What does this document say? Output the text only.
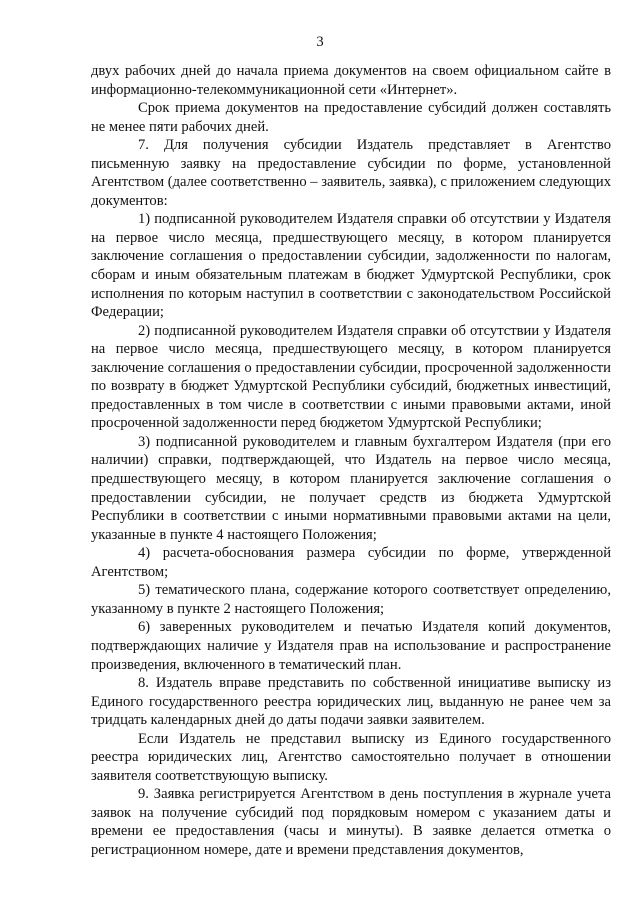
3

двух рабочих дней до начала приема документов на своем официальном сайте в информационно-телекоммуникационной сети «Интернет».

Срок приема документов на предоставление субсидий должен составлять не менее пяти рабочих дней.

7. Для получения субсидии Издатель представляет в Агентство письменную заявку на предоставление субсидии по форме, установленной Агентством (далее соответственно – заявитель, заявка), с приложением следующих документов:

1) подписанной руководителем Издателя справки об отсутствии у Издателя на первое число месяца, предшествующего месяцу, в котором планируется заключение соглашения о предоставлении субсидии, задолженности по налогам, сборам и иным обязательным платежам в бюджет Удмуртской Республики, срок исполнения по которым наступил в соответствии с законодательством Российской Федерации;

2) подписанной руководителем Издателя справки об отсутствии у Издателя на первое число месяца, предшествующего месяцу, в котором планируется заключение соглашения о предоставлении субсидии, просроченной задолженности по возврату в бюджет Удмуртской Республики субсидий, бюджетных инвестиций, предоставленных в том числе в соответствии с иными правовыми актами, иной просроченной задолженности перед бюджетом Удмуртской Республики;

3) подписанной руководителем и главным бухгалтером Издателя (при его наличии) справки, подтверждающей, что Издатель на первое число месяца, предшествующего месяцу, в котором планируется заключение соглашения о предоставлении субсидии, не получает средств из бюджета Удмуртской Республики в соответствии с иными нормативными правовыми актами на цели, указанные в пункте 4 настоящего Положения;

4) расчета-обоснования размера субсидии по форме, утвержденной Агентством;

5) тематического плана, содержание которого соответствует определению, указанному в пункте 2 настоящего Положения;

6) заверенных руководителем и печатью Издателя копий документов, подтверждающих наличие у Издателя прав на использование и распространение произведения, включенного в тематический план.

8. Издатель вправе представить по собственной инициативе выписку из Единого государственного реестра юридических лиц, выданную не ранее чем за тридцать календарных дней до даты подачи заявки заявителем.

Если Издатель не представил выписку из Единого государственного реестра юридических лиц, Агентство самостоятельно получает в отношении заявителя соответствующую выписку.

9. Заявка регистрируется Агентством в день поступления в журнале учета заявок на получение субсидий под порядковым номером с указанием даты и времени ее предоставления (часы и минуты). В заявке делается отметка о регистрационном номере, дате и времени представления документов,
